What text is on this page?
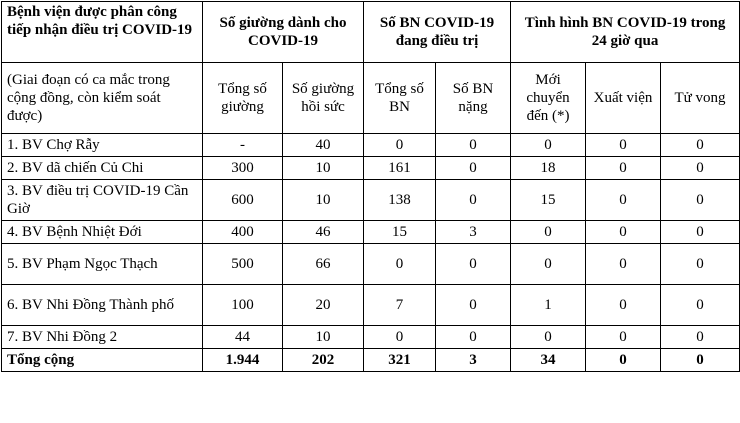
Bệnh viện được phân công tiếp nhận điều trị COVID-19	Số giường dành cho COVID-19		Số BN COVID-19 đang điều trị		Tình hình BN COVID-19 trong 24 giờ qua		
(Giai đoạn có ca mắc trong cộng đồng, còn kiểm soát được)	Tổng số giường	Số giường hồi sức	Tổng số BN	Số BN nặng	Mới chuyển đến (*)	Xuất viện	Tử vong
1. BV Chợ Rẫy	-	40	0	0	0	0	0
2. BV dã chiến Củ Chi	300	10	161	0	18	0	0
3. BV điều trị COVID-19 Cần Giờ	600	10	138	0	15	0	0
4. BV Bệnh Nhiệt Đới	400	46	15	3	0	0	0
5. BV Phạm Ngọc Thạch	500	66	0	0	0	0	0
6. BV Nhi Đồng Thành phố	100	20	7	0	1	0	0
7. BV Nhi Đồng 2	44	10	0	0	0	0	0
Tổng cộng	1.944	202	321	3	34	0	0
